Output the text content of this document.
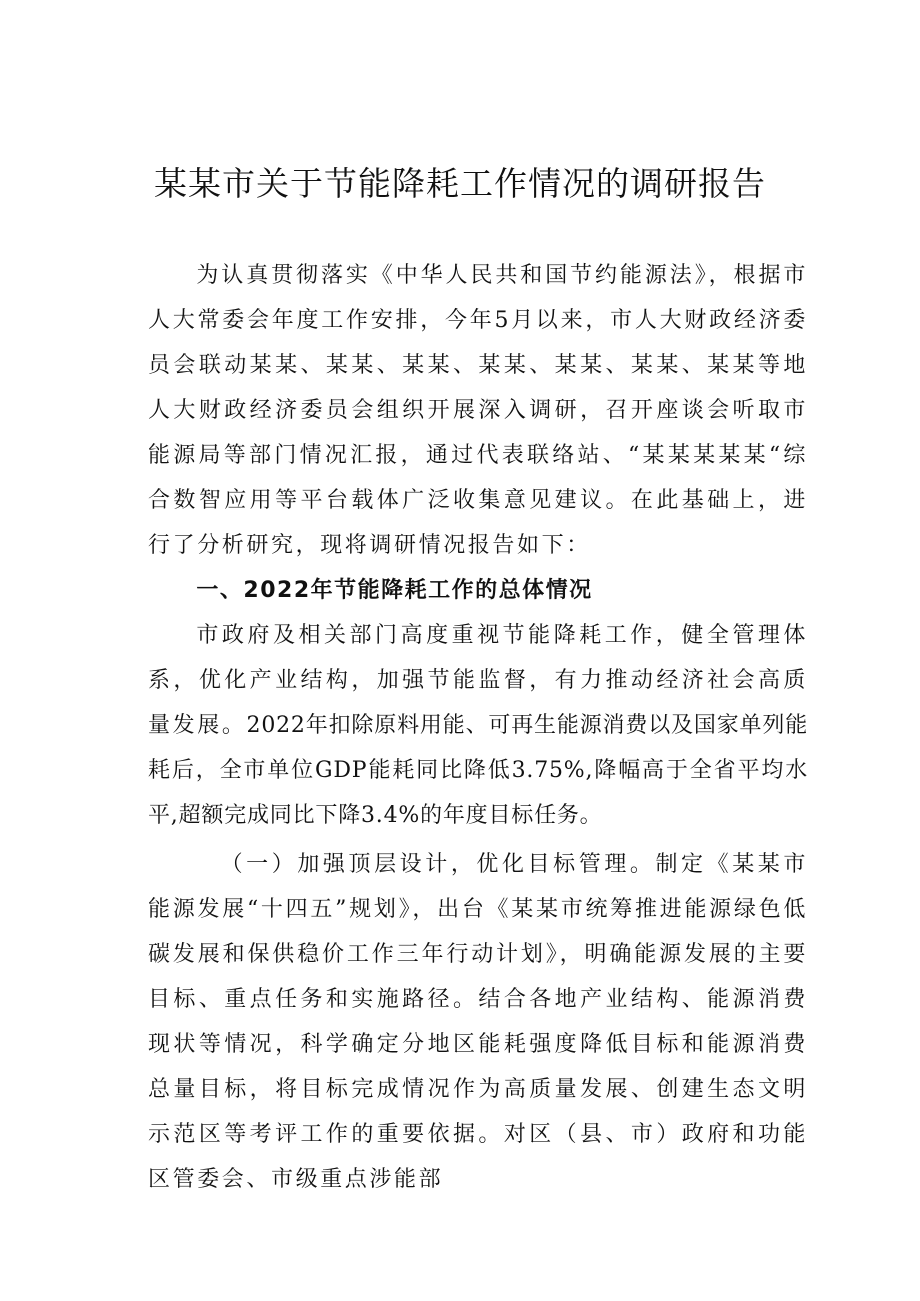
某某市关于节能降耗工作情况的调研报告

为认真贯彻落实《中华人民共和国节约能源法》，根据市人大常委会年度工作安排，今年5月以来，市人大财政经济委员会联动某某、某某、某某、某某、某某、某某、某某等地人大财政经济委员会组织开展深入调研，召开座谈会听取市能源局等部门情况汇报，通过代表联络站、“某某某某某“综合数智应用等平台载体广泛收集意见建议。在此基础上，进行了分析研究，现将调研情况报告如下：

一、2022年节能降耗工作的总体情况

市政府及相关部门高度重视节能降耗工作，健全管理体系，优化产业结构，加强节能监督，有力推动经济社会高质量发展。2022年扣除原料用能、可再生能源消费以及国家单列能耗后，全市单位GDP能耗同比降低3.75%,降幅高于全省平均水平,超额完成同比下降3.4%的年度目标任务。

（一）加强顶层设计，优化目标管理。制定《某某市能源发展“十四五”规划》，出台《某某市统筹推进能源绿色低碳发展和保供稳价工作三年行动计划》，明确能源发展的主要目标、重点任务和实施路径。结合各地产业结构、能源消费现状等情况，科学确定分地区能耗强度降低目标和能源消费总量目标，将目标完成情况作为高质量发展、创建生态文明示范区等考评工作的重要依据。对区（县、市）政府和功能区管委会、市级重点涉能部
